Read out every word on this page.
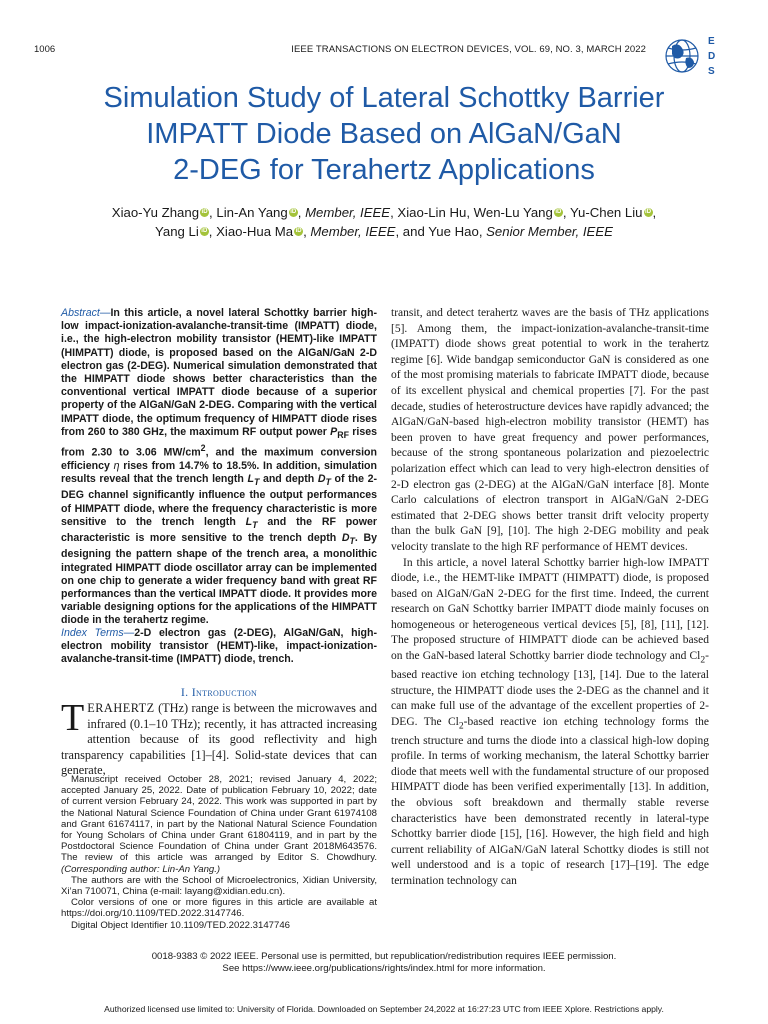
1006	IEEE TRANSACTIONS ON ELECTRON DEVICES, VOL. 69, NO. 3, MARCH 2022
E
D
S
Simulation Study of Lateral Schottky Barrier
IMPATT Diode Based on AlGaN/GaN
2-DEG for Terahertz Applications
Xiao-Yu Zhang iD , Lin-An Yang iD , Member, IEEE, Xiao-Lin Hu, Wen-Lu Yang iD , Yu-Chen Liu iD ,
Yang Li iD , Xiao-Hua Ma iD , Member, IEEE, and Yue Hao, Senior Member, IEEE
Abstract—In this article, a novel lateral Schottky barrier high-low impact-ionization-avalanche-transit-time (IMPATT) diode, i.e., the high-electron mobility transistor (HEMT)-like IMPATT (HIMPATT) diode, is proposed based on the AlGaN/GaN 2-D electron gas (2-DEG). Numerical simulation demonstrated that the HIMPATT diode shows better characteristics than the conventional vertical IMPATT diode because of a superior property of the AlGaN/GaN 2-DEG. Comparing with the vertical IMPATT diode, the optimum frequency of HIMPATT diode rises from 260 to 380 GHz, the maximum RF output power $P_{RF}$ rises from 2.30 to 3.06 $MW/cm^2$, and the maximum conversion efficiency η rises from 14.7% to 18.5%. In addition, simulation results reveal that the trench length $L_T$ and depth $D_T$ of the 2-DEG channel significantly influence the output performances of HIMPATT diode, where the frequency characteristic is more sensitive to the trench length $L_T$ and the RF power characteristic is more sensitive to the trench depth $D_T$. By designing the pattern shape of the trench area, a monolithic integrated HIMPATT diode oscillator array can be implemented on one chip to generate a wider frequency band with great RF performances than the vertical IMPATT diode. It provides more variable designing options for the applications of the HIMPATT diode in the terahertz regime.
Index Terms—2-D electron gas (2-DEG), AlGaN/GaN, high-electron mobility transistor (HEMT)-like, impact-ionization-avalanche-transit-time (IMPATT) diode, trench.
I. Introduction
TERAHERTZ (THz) range is between the microwaves and infrared (0.1–10 THz); recently, it has attracted increasing attention because of its good reflectivity and high transparency capabilities [1]–[4]. Solid-state devices that can generate,

Manuscript received October 28, 2021; revised January 4, 2022; accepted January 25, 2022. Date of publication February 10, 2022; date of current version February 24, 2022. This work was supported in part by the National Natural Science Foundation of China under Grant 61974108 and Grant 61674117, in part by the National Natural Science Foundation for Young Scholars of China under Grant 61804119, and in part by the Postdoctoral Science Foundation of China under Grant 2018M643576. The review of this article was arranged by Editor S. Chowdhury. (Corresponding author: Lin-An Yang.)

The authors are with the School of Microelectronics, Xidian University, Xi’an 710071, China (e-mail: layang@xidian.edu.cn).

Color versions of one or more figures in this article are available at https://doi.org/10.1109/TED.2022.3147746.

Digital Object Identifier 10.1109/TED.2022.3147746

transit, and detect terahertz waves are the basis of THz applications [5]. Among them, the impact-ionization-avalanche-transit-time (IMPATT) diode shows great potential to work in the terahertz regime [6]. Wide bandgap semiconductor GaN is considered as one of the most promising materials to fabricate IMPATT diode, because of its excellent physical and chemical properties [7]. For the past decade, studies of heterostructure devices have rapidly advanced; the AlGaN/GaN-based high-electron mobility transistor (HEMT) has been proven to have great frequency and power performances, because of the strong spontaneous polarization and piezoelectric polarization effect which can lead to very high-electron densities of 2-D electron gas (2-DEG) at the AlGaN/GaN interface [8]. Monte Carlo calculations of electron transport in AlGaN/GaN 2-DEG estimated that 2-DEG shows better transit drift velocity property than the bulk GaN [9], [10]. The high 2-DEG mobility and peak velocity translate to the high RF performance of HEMT devices.

In this article, a novel lateral Schottky barrier high-low IMPATT diode, i.e., the HEMT-like IMPATT (HIMPATT) diode, is proposed based on AlGaN/GaN 2-DEG for the first time. Indeed, the current research on GaN Schottky barrier IMPATT diode mainly focuses on homogeneous or heterogeneous vertical devices [5], [8], [11], [12]. The proposed structure of HIMPATT diode can be achieved based on the GaN-based lateral Schottky barrier diode technology and $Cl_2$-based reactive ion etching technology [13], [14]. Due to the lateral structure, the HIMPATT diode uses the 2-DEG as the channel and it can make full use of the advantage of the excellent properties of 2-DEG. The $Cl_2$-based reactive ion etching technology forms the trench structure and turns the diode into a classical high-low doping profile. In terms of working mechanism, the lateral Schottky barrier diode that meets well with the fundamental structure of our proposed HIMPATT diode has been verified experimentally [13]. In addition, the obvious soft breakdown and thermally stable reverse characteristics have been demonstrated recently in lateral-type Schottky barrier diode [15], [16]. However, the high field and high current reliability of AlGaN/GaN lateral Schottky diodes is still not well understood and is a topic of research [17]–[19]. The edge termination technology can

0018-9383 © 2022 IEEE. Personal use is permitted, but republication/redistribution requires IEEE permission.
See https://www.ieee.org/publications/rights/index.html for more information.
Authorized licensed use limited to: University of Florida. Downloaded on September 24,2022 at 16:27:23 UTC from IEEE Xplore. Restrictions apply.
